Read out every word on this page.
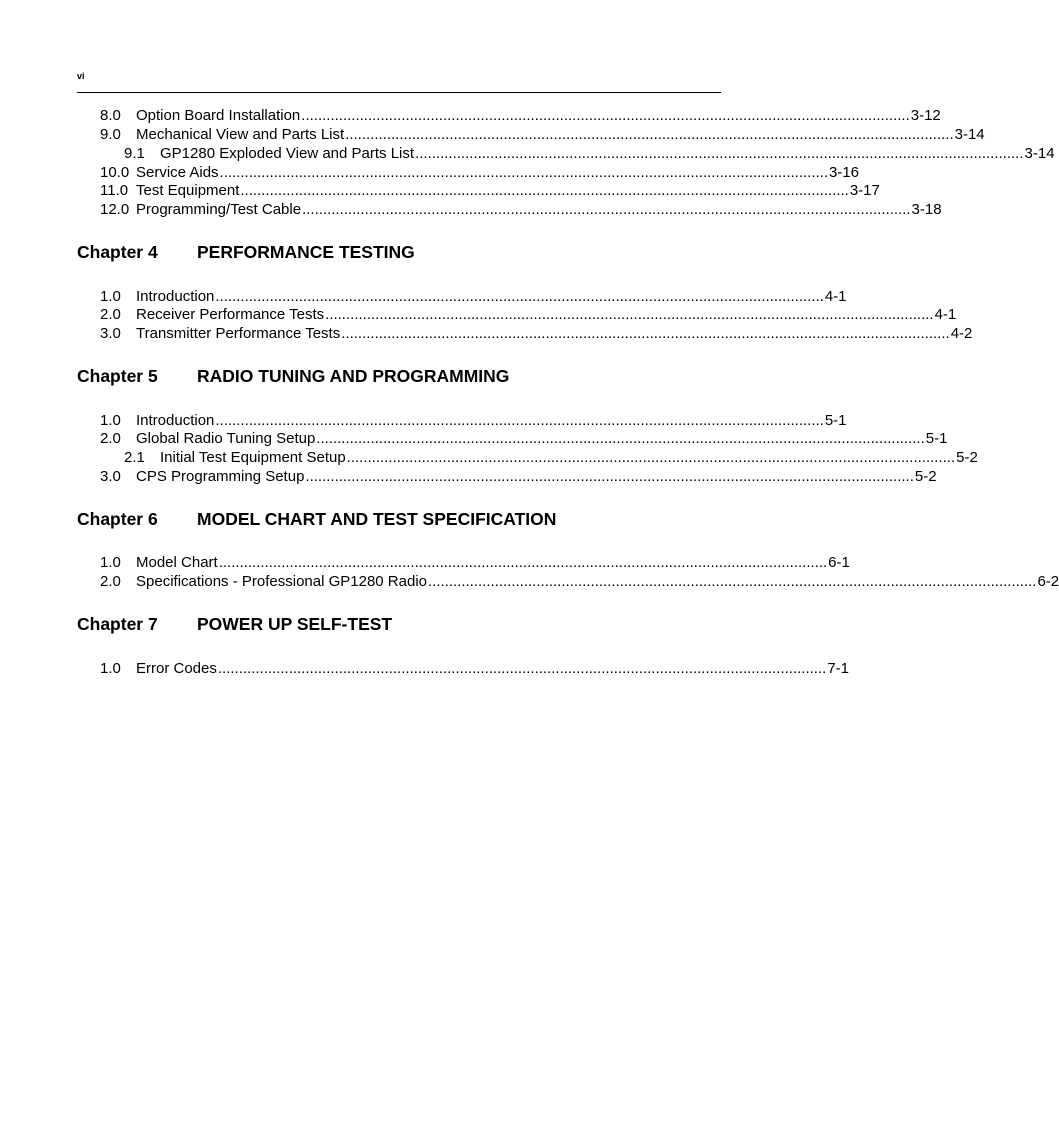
vi
8.0	Option Board Installation .................................................................................................................................................. 3-12
9.0	Mechanical View and Parts List .................................................................................................................................................. 3-14
9.1	GP1280 Exploded View and Parts List .................................................................................................................................................. 3-14
10.0 Service Aids .................................................................................................................................................. 3-16
11.0 Test Equipment .................................................................................................................................................. 3-17
12.0 Programming/Test Cable .................................................................................................................................................. 3-18
Chapter 4 PERFORMANCE TESTING
1.0	Introduction .................................................................................................................................................. 4-1
2.0	Receiver Performance Tests .................................................................................................................................................. 4-1
3.0	Transmitter Performance Tests .................................................................................................................................................. 4-2
Chapter 5 RADIO TUNING AND PROGRAMMING
1.0	Introduction .................................................................................................................................................. 5-1
2.0	Global Radio Tuning Setup .................................................................................................................................................. 5-1
2.1	Initial Test Equipment Setup .................................................................................................................................................. 5-2
3.0	CPS Programming Setup .................................................................................................................................................. 5-2
Chapter 6 MODEL CHART AND TEST SPECIFICATION
1.0	Model Chart .................................................................................................................................................. 6-1
2.0	Specifications - Professional GP1280 Radio .................................................................................................................................................. 6-2
Chapter 7 POWER UP SELF-TEST
1.0	Error Codes .................................................................................................................................................. 7-1
